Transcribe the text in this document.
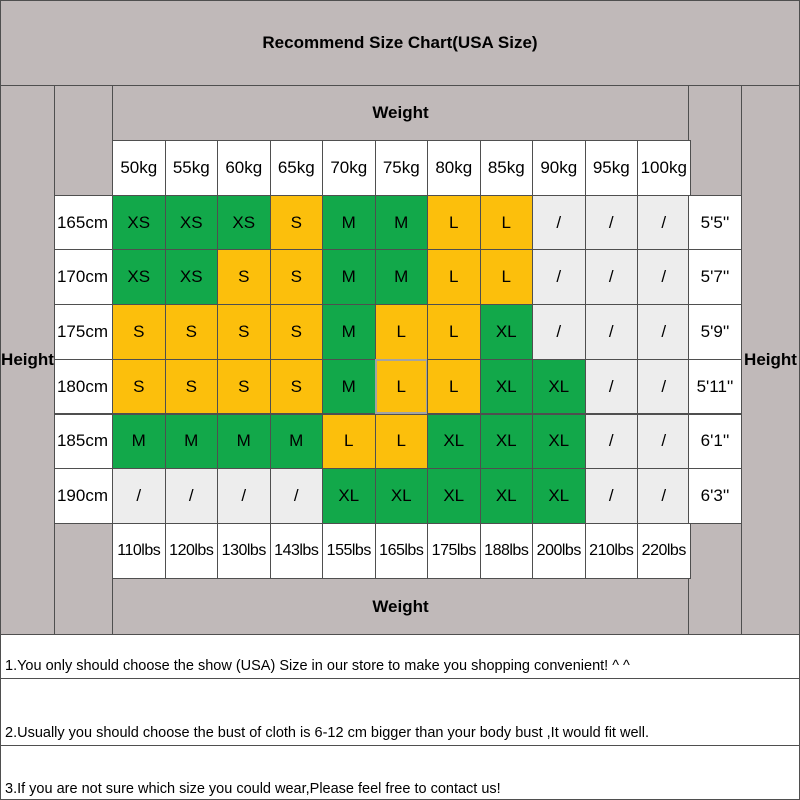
Recommend Size Chart(USA Size)
Height	Height
Weight
Weight
50kg 55kg 60kg 65kg 70kg 75kg 80kg 85kg 90kg 95kg 100kg
165cm	XS	XS	XS	S	M	M	L	L	/	/	/	5'5''
170cm	XS	XS	S	S	M	M	L	L	/	/	/	5'7''
175cm	S	S	S	S	M	L	L	XL	/	/	/	5'9''
180cm	S	S	S	S	M	L	L	XL	XL	/	/	5'11''
185cm	M	M	M	M	L	L	XL	XL	XL	/	/	6'1''
190cm	/	/	/	/	XL	XL	XL	XL	XL	/	/	6'3''
110lbs 120lbs 130lbs 143lbs 155lbs 165lbs 175lbs 188lbs 200lbs 210lbs 220lbs
1.You only should choose the show (USA) Size in our store to make you shopping convenient! ^ ^
2.Usually you should choose the bust of cloth is 6-12 cm bigger than your body bust ,It would fit well.
3.If you are not sure which size you could wear,Please feel free to contact us!
